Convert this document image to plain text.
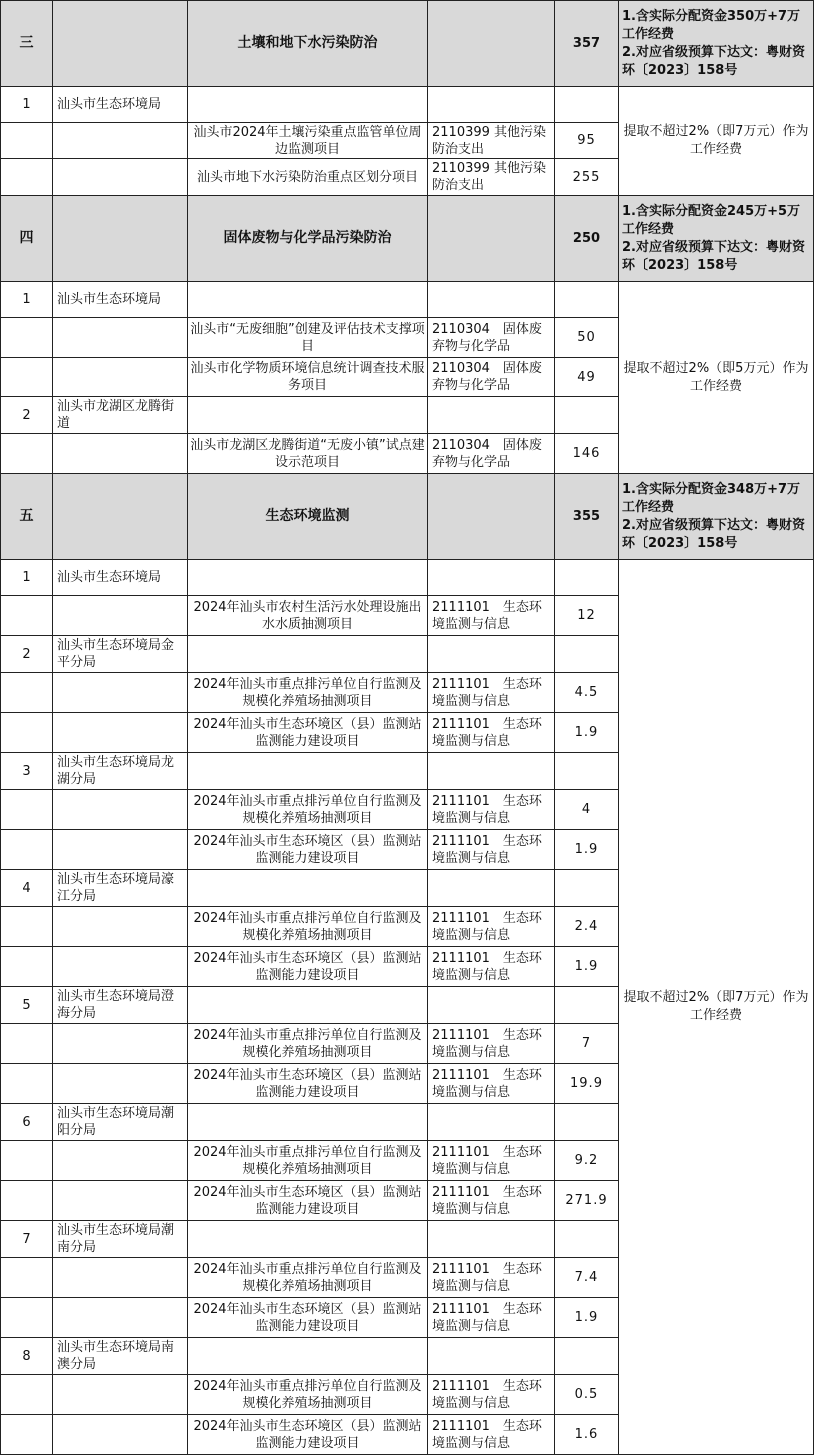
三		土壤和地下水污染防治		357	1.含实际分配资金350万+7万工作经费
2.对应省级预算下达文：粤财资环〔2023〕158号
1	汕头市生态环境局				提取不超过2%（即7万元）作为工作经费
		汕头市2024年土壤污染重点监管单位周边监测项目	2110399 其他污染防治支出	95	
		汕头市地下水污染防治重点区划分项目	2110399 其他污染防治支出	255	
四		固体废物与化学品污染防治		250	1.含实际分配资金245万+5万工作经费
2.对应省级预算下达文：粤财资环〔2023〕158号
1	汕头市生态环境局				提取不超过2%（即5万元）作为工作经费
		汕头市“无废细胞”创建及评估技术支撑项目	2110304　固体废弃物与化学品	50	
		汕头市化学物质环境信息统计调查技术服务项目	2110304　固体废弃物与化学品	49	
2	汕头市龙湖区龙腾街道				
		汕头市龙湖区龙腾街道“无废小镇”试点建设示范项目	2110304　固体废弃物与化学品	146	
五		生态环境监测		355	1.含实际分配资金348万+7万工作经费
2.对应省级预算下达文：粤财资环〔2023〕158号
1	汕头市生态环境局				提取不超过2%（即7万元）作为工作经费
		2024年汕头市农村生活污水处理设施出水水质抽测项目	2111101　生态环境监测与信息	12	
2	汕头市生态环境局金平分局				
		2024年汕头市重点排污单位自行监测及规模化养殖场抽测项目	2111101　生态环境监测与信息	4.5	
		2024年汕头市生态环境区（县）监测站监测能力建设项目	2111101　生态环境监测与信息	1.9	
3	汕头市生态环境局龙湖分局				
		2024年汕头市重点排污单位自行监测及规模化养殖场抽测项目	2111101　生态环境监测与信息	4	
		2024年汕头市生态环境区（县）监测站监测能力建设项目	2111101　生态环境监测与信息	1.9	
4	汕头市生态环境局濠江分局				
		2024年汕头市重点排污单位自行监测及规模化养殖场抽测项目	2111101　生态环境监测与信息	2.4	
		2024年汕头市生态环境区（县）监测站监测能力建设项目	2111101　生态环境监测与信息	1.9	
5	汕头市生态环境局澄海分局				
		2024年汕头市重点排污单位自行监测及规模化养殖场抽测项目	2111101　生态环境监测与信息	7	
		2024年汕头市生态环境区（县）监测站监测能力建设项目	2111101　生态环境监测与信息	19.9	
6	汕头市生态环境局潮阳分局				
		2024年汕头市重点排污单位自行监测及规模化养殖场抽测项目	2111101　生态环境监测与信息	9.2	
		2024年汕头市生态环境区（县）监测站监测能力建设项目	2111101　生态环境监测与信息	271.9	
7	汕头市生态环境局潮南分局				
		2024年汕头市重点排污单位自行监测及规模化养殖场抽测项目	2111101　生态环境监测与信息	7.4	
		2024年汕头市生态环境区（县）监测站监测能力建设项目	2111101　生态环境监测与信息	1.9	
8	汕头市生态环境局南澳分局				
		2024年汕头市重点排污单位自行监测及规模化养殖场抽测项目	2111101　生态环境监测与信息	0.5	
		2024年汕头市生态环境区（县）监测站监测能力建设项目	2111101　生态环境监测与信息	1.6	
